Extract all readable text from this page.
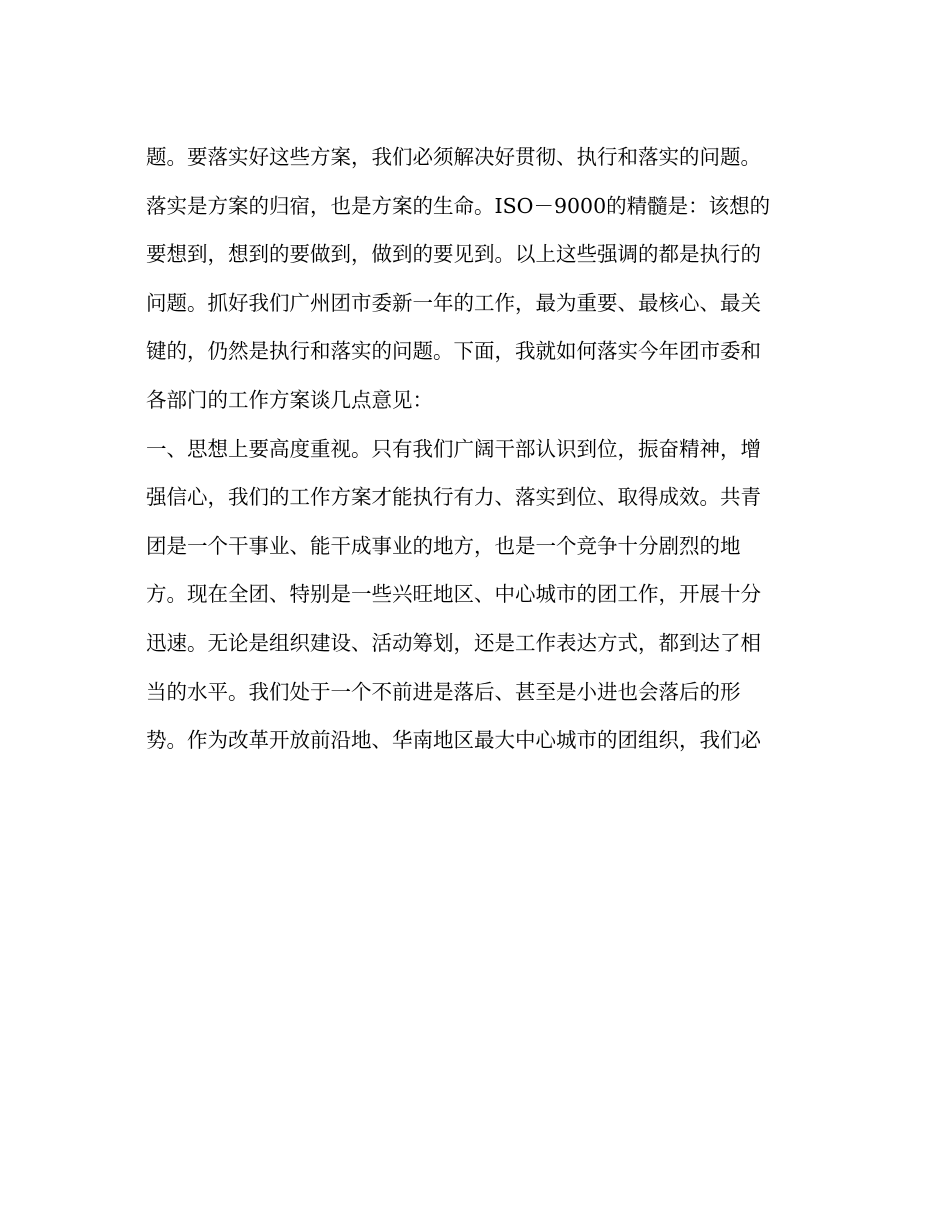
题。要落实好这些方案，我们必须解决好贯彻、执行和落实的问题。
落实是方案的归宿，也是方案的生命。ISO－9000的精髓是：该想的
要想到，想到的要做到，做到的要见到。以上这些强调的都是执行的
问题。抓好我们广州团市委新一年的工作，最为重要、最核心、最关
键的，仍然是执行和落实的问题。下面，我就如何落实今年团市委和
各部门的工作方案谈几点意见：
一、思想上要高度重视。只有我们广阔干部认识到位，振奋精神，增
强信心，我们的工作方案才能执行有力、落实到位、取得成效。共青
团是一个干事业、能干成事业的地方，也是一个竞争十分剧烈的地
方。现在全团、特别是一些兴旺地区、中心城市的团工作，开展十分
迅速。无论是组织建设、活动筹划，还是工作表达方式，都到达了相
当的水平。我们处于一个不前进是落后、甚至是小进也会落后的形
势。作为改革开放前沿地、华南地区最大中心城市的团组织，我们必
